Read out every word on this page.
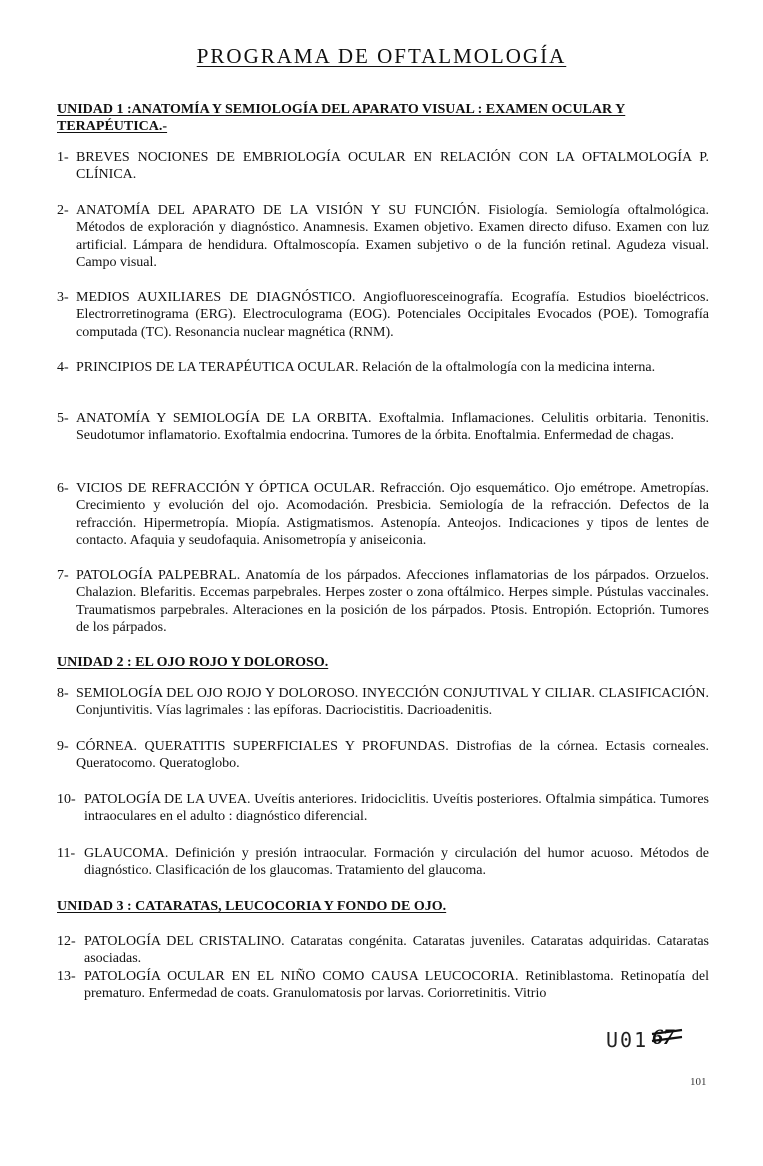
PROGRAMA DE OFTALMOLOGÍA
UNIDAD 1 :ANATOMÍA Y SEMIOLOGÍA DEL APARATO VISUAL : EXAMEN OCULAR Y TERAPÉUTICA.-
1- BREVES NOCIONES DE EMBRIOLOGÍA OCULAR EN RELACIÓN CON LA OFTALMOLOGÍA P. CLÍNICA.
2- ANATOMÍA DEL APARATO DE LA VISIÓN Y SU FUNCIÓN. Fisiología. Semiología oftalmológica. Métodos de exploración y diagnóstico. Anamnesis. Examen objetivo. Examen directo difuso. Examen con luz artificial. Lámpara de hendidura. Oftalmoscopía. Examen subjetivo o de la función retinal. Agudeza visual. Campo visual.
3- MEDIOS AUXILIARES DE DIAGNÓSTICO. Angiofluoresceinografía. Ecografía. Estudios bioeléctricos. Electrorretinograma (ERG). Electroculograma (EOG). Potenciales Occipitales Evocados (POE). Tomografía computada (TC). Resonancia nuclear magnética (RNM).
4- PRINCIPIOS DE LA TERAPÉUTICA OCULAR. Relación de la oftalmología con la medicina interna.
5- ANATOMÍA Y SEMIOLOGÍA DE LA ORBITA. Exoftalmia. Inflamaciones. Celulitis orbitaria. Tenonitis. Seudotumor inflamatorio. Exoftalmia endocrina. Tumores de la órbita. Enoftalmia. Enfermedad de chagas.
6- VICIOS DE REFRACCIÓN Y ÓPTICA OCULAR. Refracción. Ojo esquemático. Ojo emétrope. Ametropías. Crecimiento y evolución del ojo. Acomodación. Presbicia. Semiología de la refracción. Defectos de la refracción. Hipermetropía. Miopía. Astigmatismos. Astenopía. Anteojos. Indicaciones y tipos de lentes de contacto. Afaquia y seudofaquia. Anisometropía y aniseiconia.
7- PATOLOGÍA PALPEBRAL. Anatomía de los párpados. Afecciones inflamatorias de los párpados. Orzuelos. Chalazion. Blefaritis. Eccemas parpebrales. Herpes zoster o zona oftálmico. Herpes simple. Pústulas vaccinales. Traumatismos parpebrales. Alteraciones en la posición de los párpados. Ptosis. Entropión. Ectoprión. Tumores de los párpados.
UNIDAD 2 : EL OJO ROJO Y DOLOROSO.
8- SEMIOLOGÍA DEL OJO ROJO Y DOLOROSO. INYECCIÓN CONJUTIVAL Y CILIAR. CLASIFICACIÓN. Conjuntivitis. Vías lagrimales : las epíforas. Dacriocistitis. Dacrioadenitis.
9- CÓRNEA. QUERATITIS SUPERFICIALES Y PROFUNDAS. Distrofias de la córnea. Ectasis corneales. Queratocomo. Queratoglobo.
10- PATOLOGÍA DE LA UVEA. Uveítis anteriores. Iridociclitis. Uveítis posteriores. Oftalmia simpática. Tumores intraoculares en el adulto : diagnóstico diferencial.
11- GLAUCOMA. Definición y presión intraocular. Formación y circulación del humor acuoso. Métodos de diagnóstico. Clasificación de los glaucomas. Tratamiento del glaucoma.
UNIDAD 3 : CATARATAS, LEUCOCORIA Y FONDO DE OJO.
12- PATOLOGÍA DEL CRISTALINO. Cataratas congénita. Cataratas juveniles. Cataratas adquiridas. Cataratas asociadas.
13- PATOLOGÍA OCULAR EN EL NIÑO COMO CAUSA LEUCOCORIA. Retiniblastoma. Retinopatía del prematuro. Enfermedad de coats. Granulomatosis por larvas. Coriorretinitis. Vitrio
U01 67
101
